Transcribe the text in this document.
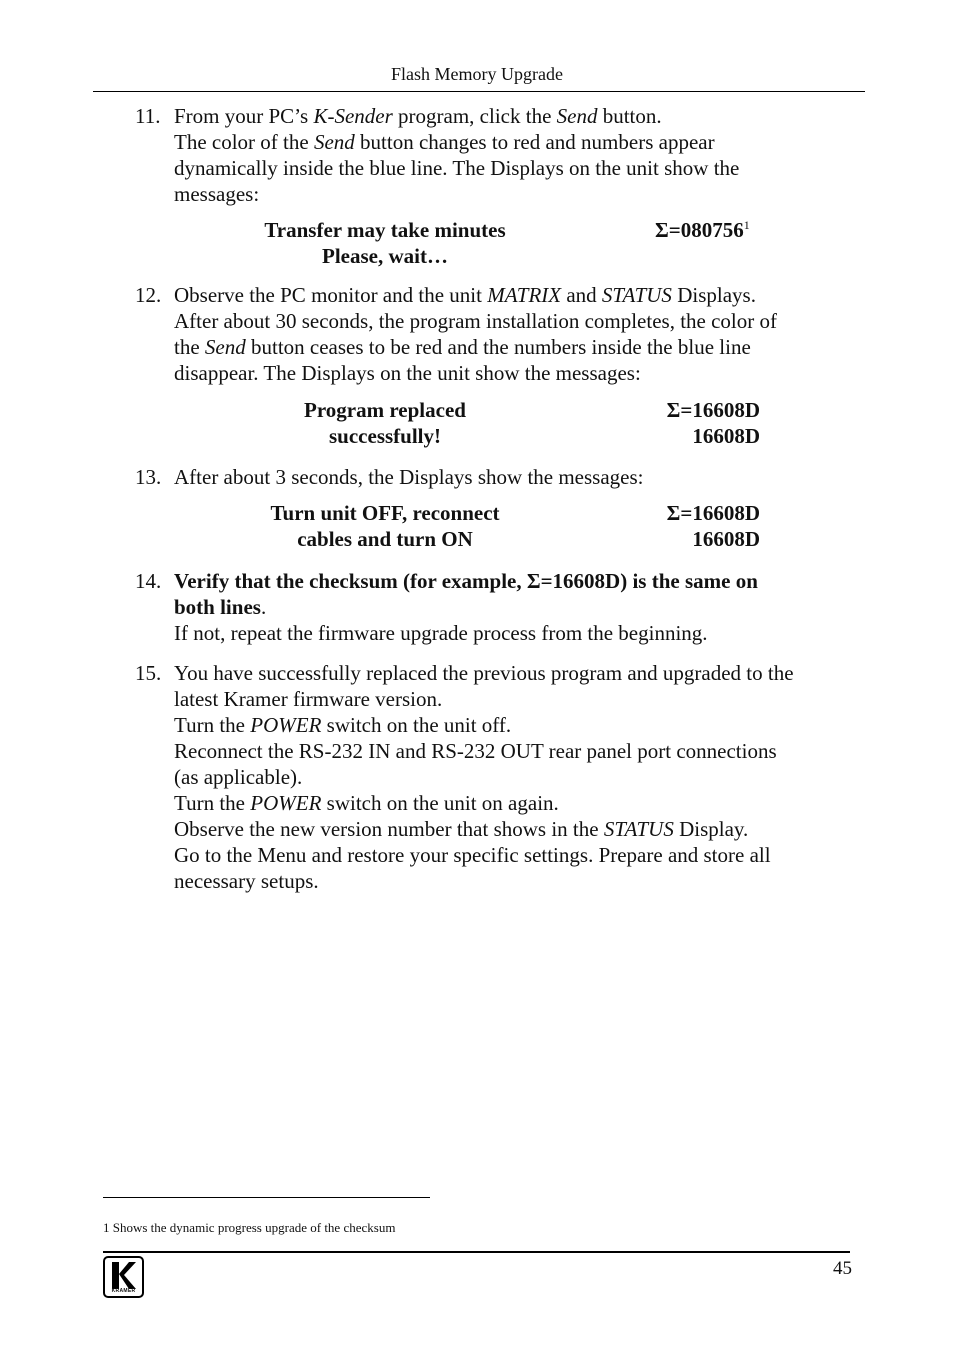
Flash Memory Upgrade
11. From your PC’s K-Sender program, click the Send button.

The color of the Send button changes to red and numbers appear

dynamically inside the blue line. The Displays on the unit show the

messages:

Transfer may take minutes
Please, wait…
$\Sigma=080756^1$
12. Observe the PC monitor and the unit MATRIX and STATUS Displays.

After about 30 seconds, the program installation completes, the color of

the Send button ceases to be red and the numbers inside the blue line

disappear. The Displays on the unit show the messages:

Program replaced
successfully!
Σ=16608D
16608D
13. After about 3 seconds, the Displays show the messages:

Turn unit OFF, reconnect
cables and turn ON
Σ=16608D
16608D
14. Verify that the checksum (for example, Σ=16608D) is the same on

both lines.

If not, repeat the firmware upgrade process from the beginning.

15. You have successfully replaced the previous program and upgraded to the

latest Kramer firmware version.

Turn the POWER switch on the unit off.

Reconnect the RS-232 IN and RS-232 OUT rear panel port connections

(as applicable).

Turn the POWER switch on the unit on again.

Observe the new version number that shows in the STATUS Display.

Go to the Menu and restore your specific settings. Prepare and store all

necessary setups.

1 Shows the dynamic progress upgrade of the checksum
45
KRAMER
